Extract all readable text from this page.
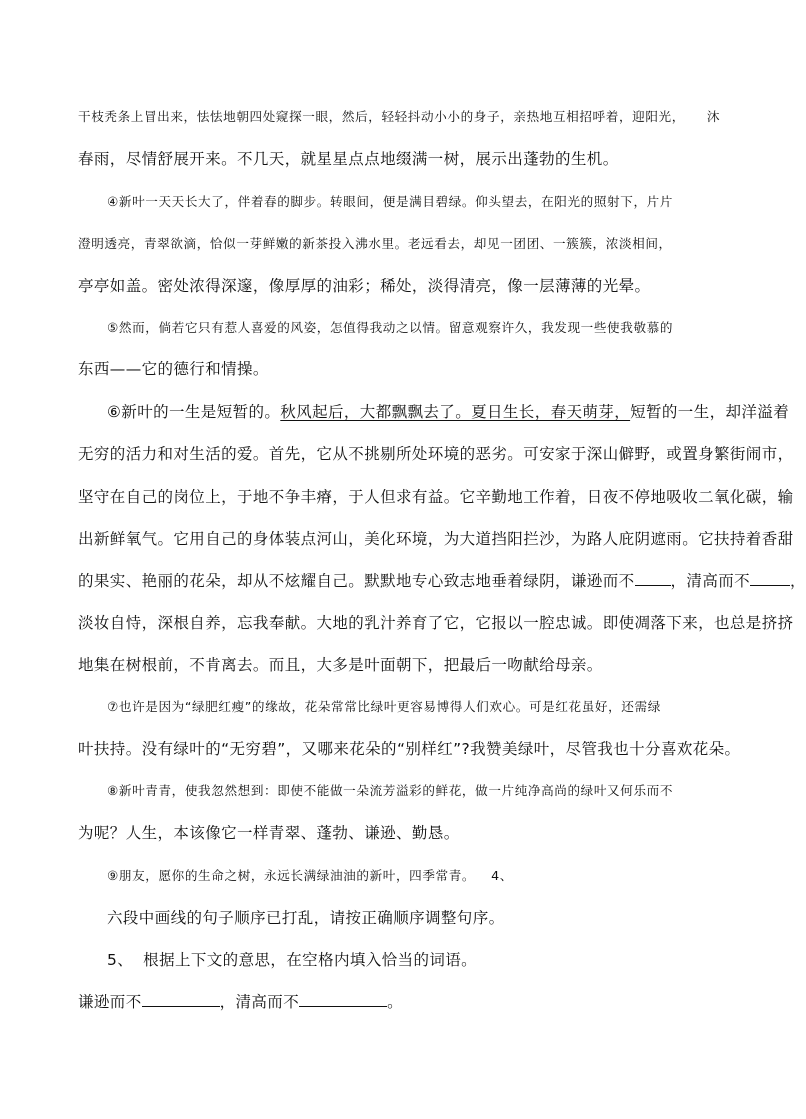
干枝秃条上冒出来，怯怯地朝四处窥探一眼，然后，轻轻抖动小小的身子，亲热地互相招呼着，迎阳光， 沐
春雨，尽情舒展开来。不几天，就星星点点地缀满一树，展示出蓬勃的生机。
④新叶一天天长大了，伴着春的脚步。转眼间，便是满目碧绿。仰头望去，在阳光的照射下，片片
澄明透亮，青翠欲滴，恰似一芽鲜嫩的新茶投入沸水里。老远看去，却见一团团、一簇簇，浓淡相间，
亭亭如盖。密处浓得深邃，像厚厚的油彩；稀处，淡得清亮，像一层薄薄的光晕。
⑤然而，倘若它只有惹人喜爱的风姿，怎值得我动之以情。留意观察许久，我发现一些使我敬慕的
东西——它的德行和情操。
⑥新叶的一生是短暂的。秋风起后，大都飘飘去了。夏日生长，春天萌芽，短暂的一生，却洋溢着
无穷的活力和对生活的爱。首先，它从不挑剔所处环境的恶劣。可安家于深山僻野，或置身繁街闹市，
坚守在自己的岗位上，于地不争丰瘠，于人但求有益。它辛勤地工作着，日夜不停地吸收二氧化碳，输
出新鲜氧气。它用自己的身体装点河山，美化环境，为大道挡阳拦沙，为路人庇阴遮雨。它扶持着香甜
的果实、艳丽的花朵，却从不炫耀自己。默默地专心致志地垂着绿阴，谦逊而不 ，清高而不	，
淡妆自恃，深根自养，忘我奉献。大地的乳汁养育了它，它报以一腔忠诚。即使凋落下来，也总是挤挤
地集在树根前，不肯离去。而且，大多是叶面朝下，把最后一吻献给母亲。
⑦也许是因为“绿肥红瘦”的缘故，花朵常常比绿叶更容易博得人们欢心。可是红花虽好，还需绿
叶扶持。没有绿叶的“无穷碧”，又哪来花朵的“别样红”?我赞美绿叶，尽管我也十分喜欢花朵。
⑧新叶青青，使我忽然想到：即使不能做一朵流芳溢彩的鲜花，做一片纯净高尚的绿叶又何乐而不
为呢？人生，本该像它一样青翠、蓬勃、谦逊、勤恳。
⑨朋友，愿你的生命之树，永远长满绿油油的新叶，四季常青。 4、
六段中画线的句子顺序已打乱，请按正确顺序调整句序。
5、 根据上下文的意思，在空格内填入恰当的词语。
谦逊而不	，清高而不	。
